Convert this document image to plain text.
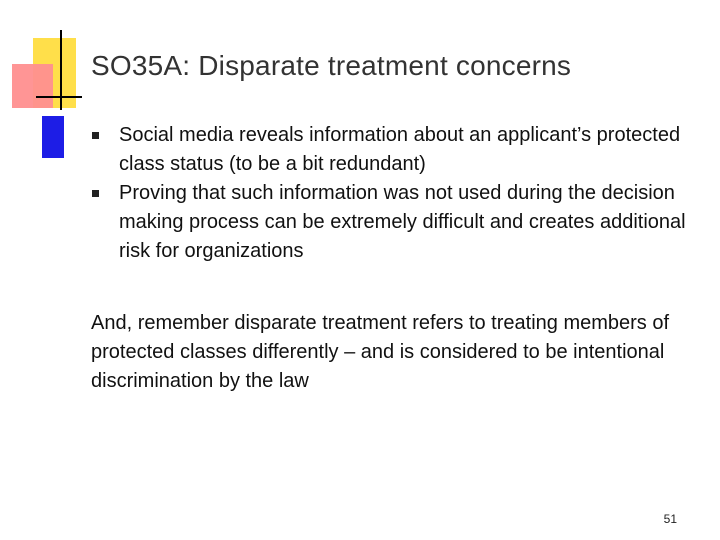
SO35A: Disparate treatment concerns
Social media reveals information about an applicant’s protected class status (to be a bit redundant)
Proving that such information was not used during the decision making process can be extremely difficult and creates additional risk for organizations
And, remember disparate treatment refers to treating members of protected classes differently – and is considered to be intentional discrimination by the law
51
